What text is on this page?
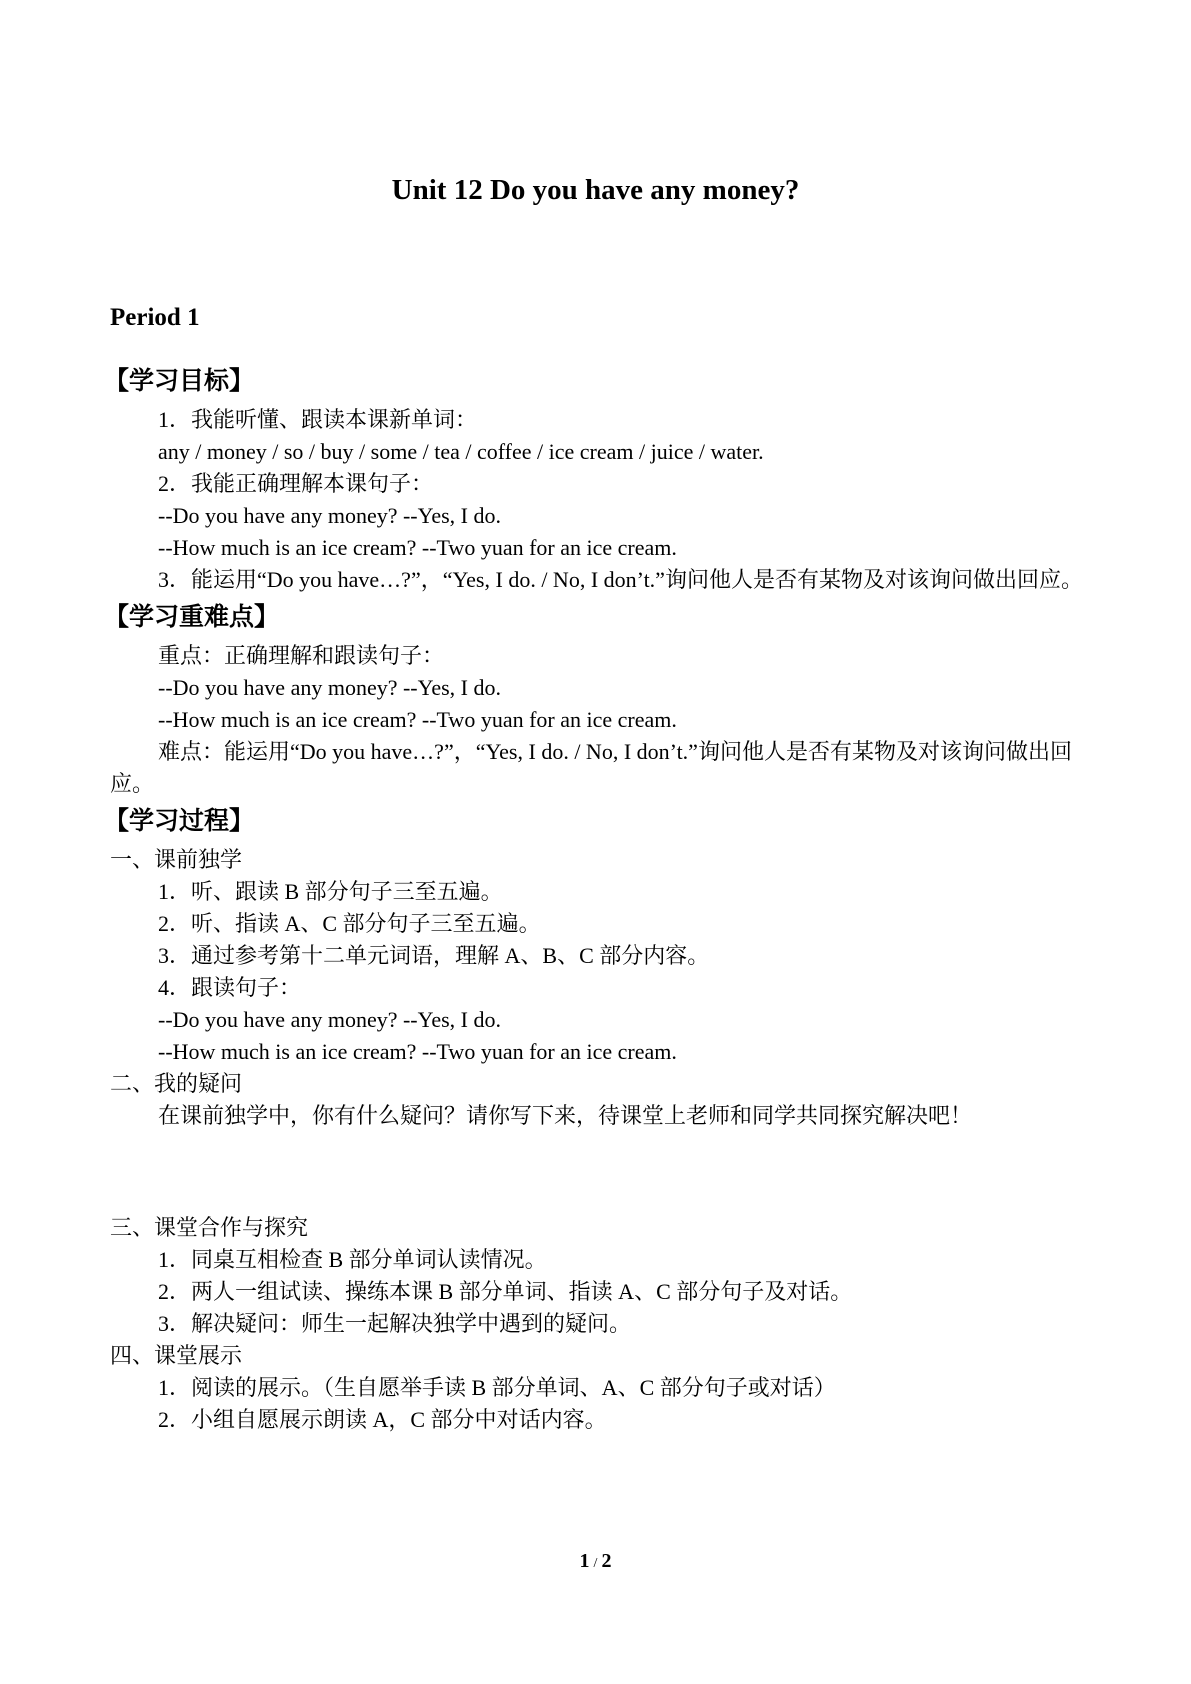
Unit 12 Do you have any money?
Period 1
【学习目标】
1．我能听懂、跟读本课新单词：
any / money / so / buy / some / tea / coffee / ice cream / juice / water.
2．我能正确理解本课句子：
--Do you have any money? --Yes, I do.
--How much is an ice cream? --Two yuan for an ice cream.
3．能运用“Do you have…?”，“Yes, I do. / No, I don’t.”询问他人是否有某物及对该询问做出回应。
【学习重难点】
重点：正确理解和跟读句子：
--Do you have any money? --Yes, I do.
--How much is an ice cream? --Two yuan for an ice cream.
难点：能运用“Do you have…?”，“Yes, I do. / No, I don’t.”询问他人是否有某物及对该询问做出回应。
【学习过程】
一、课前独学
1．听、跟读 B 部分句子三至五遍。
2．听、指读 A、C 部分句子三至五遍。
3．通过参考第十二单元词语，理解 A、B、C 部分内容。
4．跟读句子：
--Do you have any money? --Yes, I do.
--How much is an ice cream? --Two yuan for an ice cream.
二、我的疑问
在课前独学中，你有什么疑问？请你写下来，待课堂上老师和同学共同探究解决吧！
三、课堂合作与探究
1．同桌互相检查 B 部分单词认读情况。
2．两人一组试读、操练本课 B 部分单词、指读 A、C 部分句子及对话。
3．解决疑问：师生一起解决独学中遇到的疑问。
四、课堂展示
1．阅读的展示。（生自愿举手读 B 部分单词、A、C 部分句子或对话）
2．小组自愿展示朗读 A，C 部分中对话内容。
1 / 2
